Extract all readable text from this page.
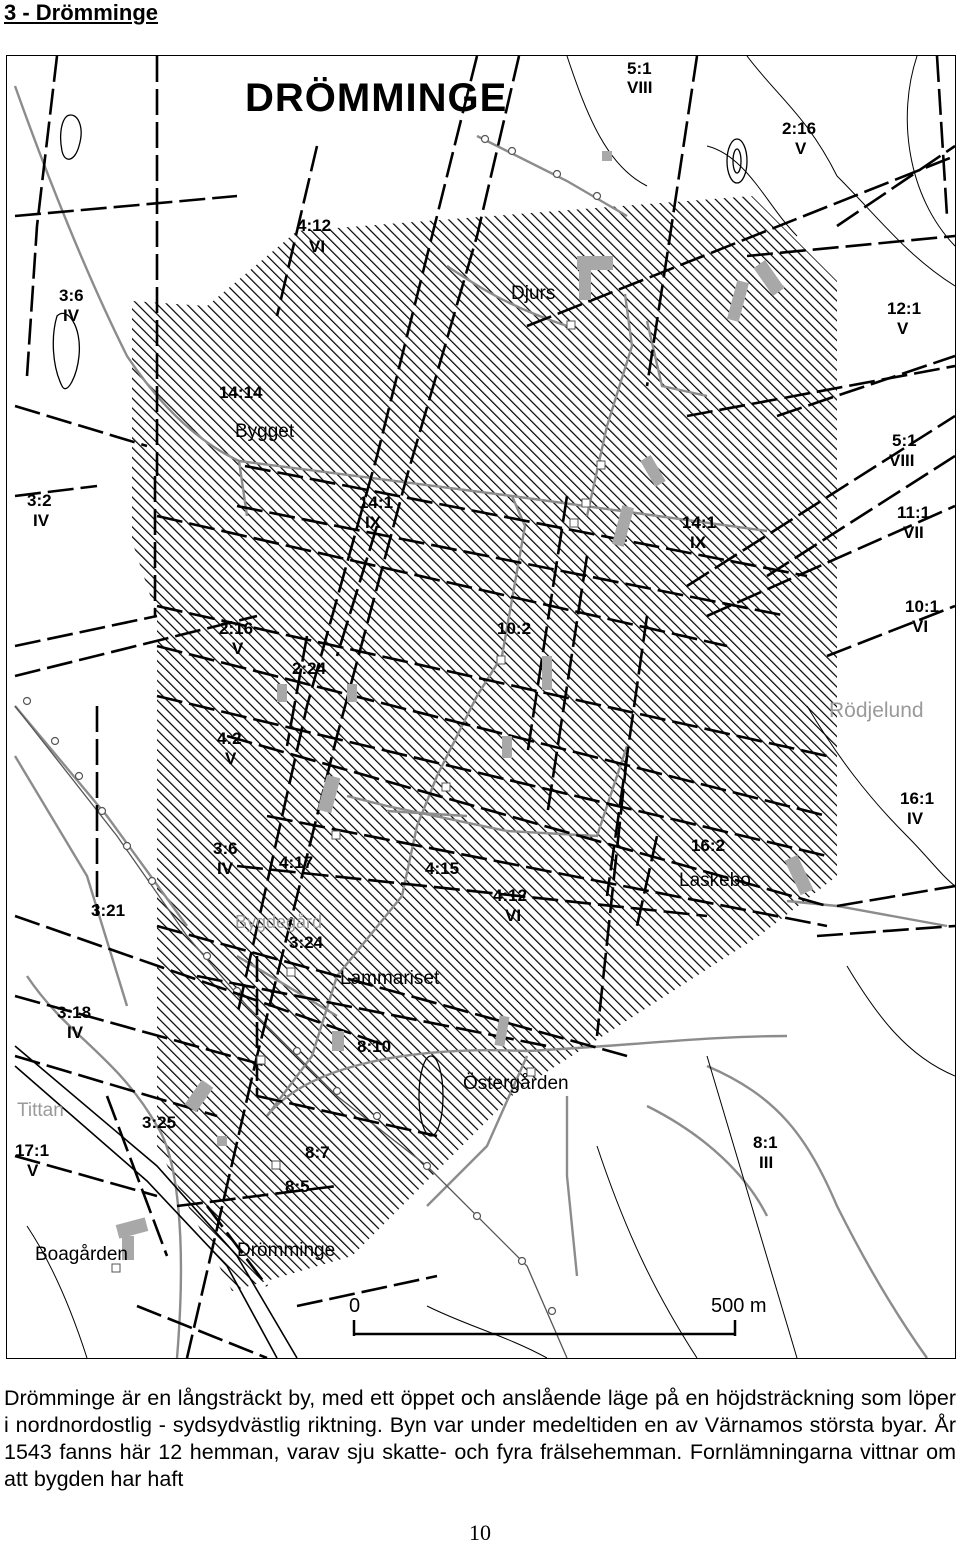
3 - Drömminge
DRÖMMINGE
5:1
VIII
2:16
V
4:12
VI
3:6
IV	12:1
V
14:14
5:1
VIII
11:1
VII
3:2
IV
14:1
IX	14:1
IX
10:1
VI
2:16
V
10:2
2:24
4:2
V
16:1
IV
16:2
3:6
IV	4:17	4:15
4:12
VI
3:21
3:24
3:18
IV
8:10
3:25
17:1
V
8:1
III
8:7
8:5
Djurs
Bygget
Rödjelund
Laskebo
Bygdegård
Lammariset
Östergården
Tittan
Boagården	Drömminge
0	500 m
Drömminge är en långsträckt by, med ett öppet och anslående läge på en höjdsträckning som löper i nordnordostlig - sydsydvästlig riktning. Byn var under medeltiden en av Värnamos största byar. År 1543 fanns här 12 hemman, varav sju skatte- och fyra frälsehemman. Fornlämningarna vittnar om att bygden har haft
10
